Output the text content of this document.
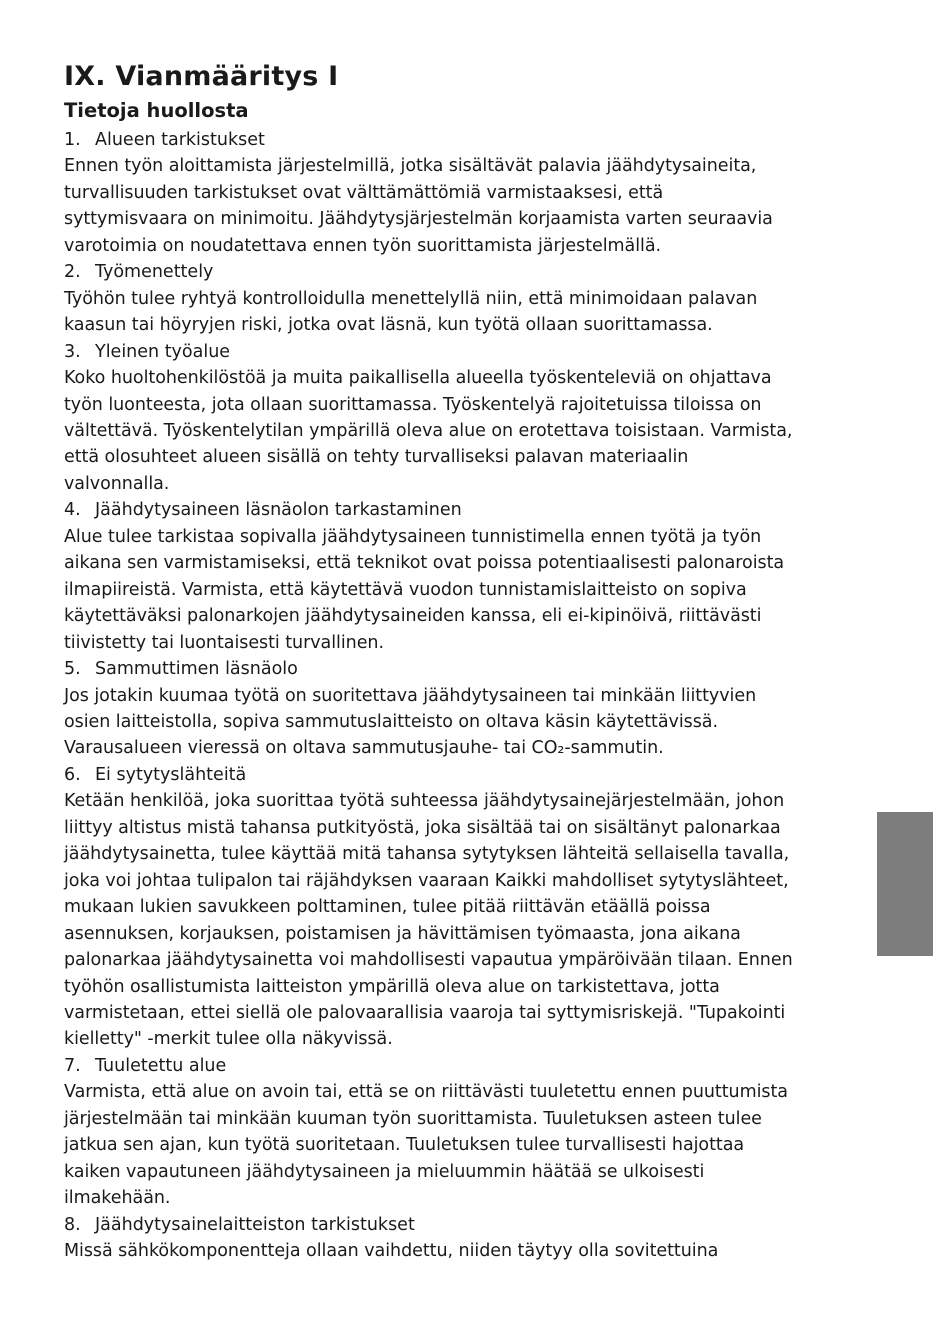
IX. Vianmääritys I
Tietoja huollosta

1. Alueen tarkistukset

Ennen työn aloittamista järjestelmillä, jotka sisältävät palavia jäähdytysaineita,
turvallisuuden tarkistukset ovat välttämättömiä varmistaaksesi, että
syttymisvaara on minimoitu. Jäähdytysjärjestelmän korjaamista varten seuraavia
varotoimia on noudatettava ennen työn suorittamista järjestelmällä.

2. Työmenettely

Työhön tulee ryhtyä kontrolloidulla menettelyllä niin, että minimoidaan palavan
kaasun tai höyryjen riski, jotka ovat läsnä, kun työtä ollaan suorittamassa.

3. Yleinen työalue

Koko huoltohenkilöstöä ja muita paikallisella alueella työskenteleviä on ohjattava
työn luonteesta, jota ollaan suorittamassa. Työskentelyä rajoitetuissa tiloissa on
vältettävä. Työskentelytilan ympärillä oleva alue on erotettava toisistaan. Varmista,
että olosuhteet alueen sisällä on tehty turvalliseksi palavan materiaalin
valvonnalla.

4. Jäähdytysaineen läsnäolon tarkastaminen

Alue tulee tarkistaa sopivalla jäähdytysaineen tunnistimella ennen työtä ja työn
aikana sen varmistamiseksi, että teknikot ovat poissa potentiaalisesti palonaroista
ilmapiireistä. Varmista, että käytettävä vuodon tunnistamislaitteisto on sopiva
käytettäväksi palonarkojen jäähdytysaineiden kanssa, eli ei-kipinöivä, riittävästi
tiivistetty tai luontaisesti turvallinen.

5. Sammuttimen läsnäolo

Jos jotakin kuumaa työtä on suoritettava jäähdytysaineen tai minkään liittyvien
osien laitteistolla, sopiva sammutuslaitteisto on oltava käsin käytettävissä.
Varausalueen vieressä on oltava sammutusjauhe- tai CO₂-sammutin.

6. Ei sytytyslähteitä

Ketään henkilöä, joka suorittaa työtä suhteessa jäähdytysainejärjestelmään, johon
liittyy altistus mistä tahansa putkityöstä, joka sisältää tai on sisältänyt palonarkaa
jäähdytysainetta, tulee käyttää mitä tahansa sytytyksen lähteitä sellaisella tavalla,
joka voi johtaa tulipalon tai räjähdyksen vaaraan Kaikki mahdolliset sytytyslähteet,
mukaan lukien savukkeen polttaminen, tulee pitää riittävän etäällä poissa
asennuksen, korjauksen, poistamisen ja hävittämisen työmaasta, jona aikana
palonarkaa jäähdytysainetta voi mahdollisesti vapautua ympäröivään tilaan. Ennen
työhön osallistumista laitteiston ympärillä oleva alue on tarkistettava, jotta
varmistetaan, ettei siellä ole palovaarallisia vaaroja tai syttymisriskejä. "Tupakointi
kielletty" -merkit tulee olla näkyvissä.

7. Tuuletettu alue

Varmista, että alue on avoin tai, että se on riittävästi tuuletettu ennen puuttumista
järjestelmään tai minkään kuuman työn suorittamista. Tuuletuksen asteen tulee
jatkua sen ajan, kun työtä suoritetaan. Tuuletuksen tulee turvallisesti hajottaa
kaiken vapautuneen jäähdytysaineen ja mieluummin häätää se ulkoisesti
ilmakehään.

8. Jäähdytysainelaitteiston tarkistukset

Missä sähkökomponentteja ollaan vaihdettu, niiden täytyy olla sovitettuina
